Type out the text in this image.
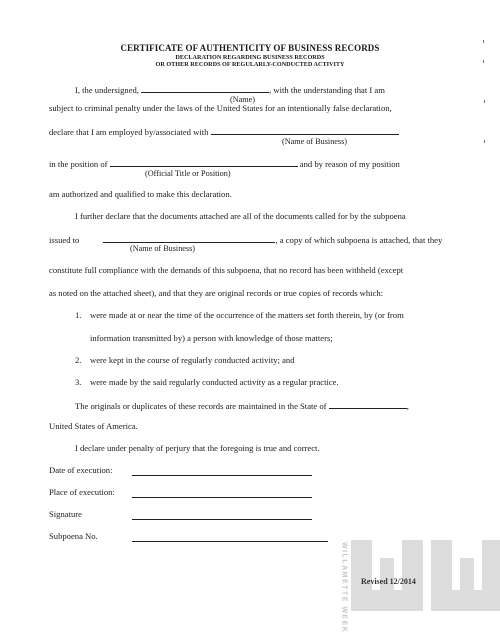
CERTIFICATE OF AUTHENTICITY OF BUSINESS RECORDS
DECLARATION REGARDING BUSINESS RECORDS
OR OTHER RECORDS OF REGULARLY-CONDUCTED ACTIVITY
I, the undersigned,	, with the understanding that I am
(Name)
subject to criminal penalty under the laws of the United States for an intentionally false declaration,
declare that I am employed by/associated with
(Name of Business)
in the position of	and by reason of my position
(Official Title or Position)
am authorized and qualified to make this declaration.
I further declare that the documents attached are all of the documents called for by the subpoena
issued to	, a copy of which subpoena is attached, that they
(Name of Business)
constitute full compliance with the demands of this subpoena, that no record has been withheld (except
as noted on the attached sheet), and that they are original records or true copies of records which:
1. were made at or near the time of the occurrence of the matters set forth therein, by (or from
information transmitted by) a person with knowledge of those matters;
2. were kept in the course of regularly conducted activity; and
3. were made by the said regularly conducted activity as a regular practice.
The originals or duplicates of these records are maintained in the State of	,
United States of America.
I declare under penalty of perjury that the foregoing is true and correct.
Date of execution:
Place of execution:
Signature
Subpoena No.
WILLAMETTE WEEK Revised 12/2014
